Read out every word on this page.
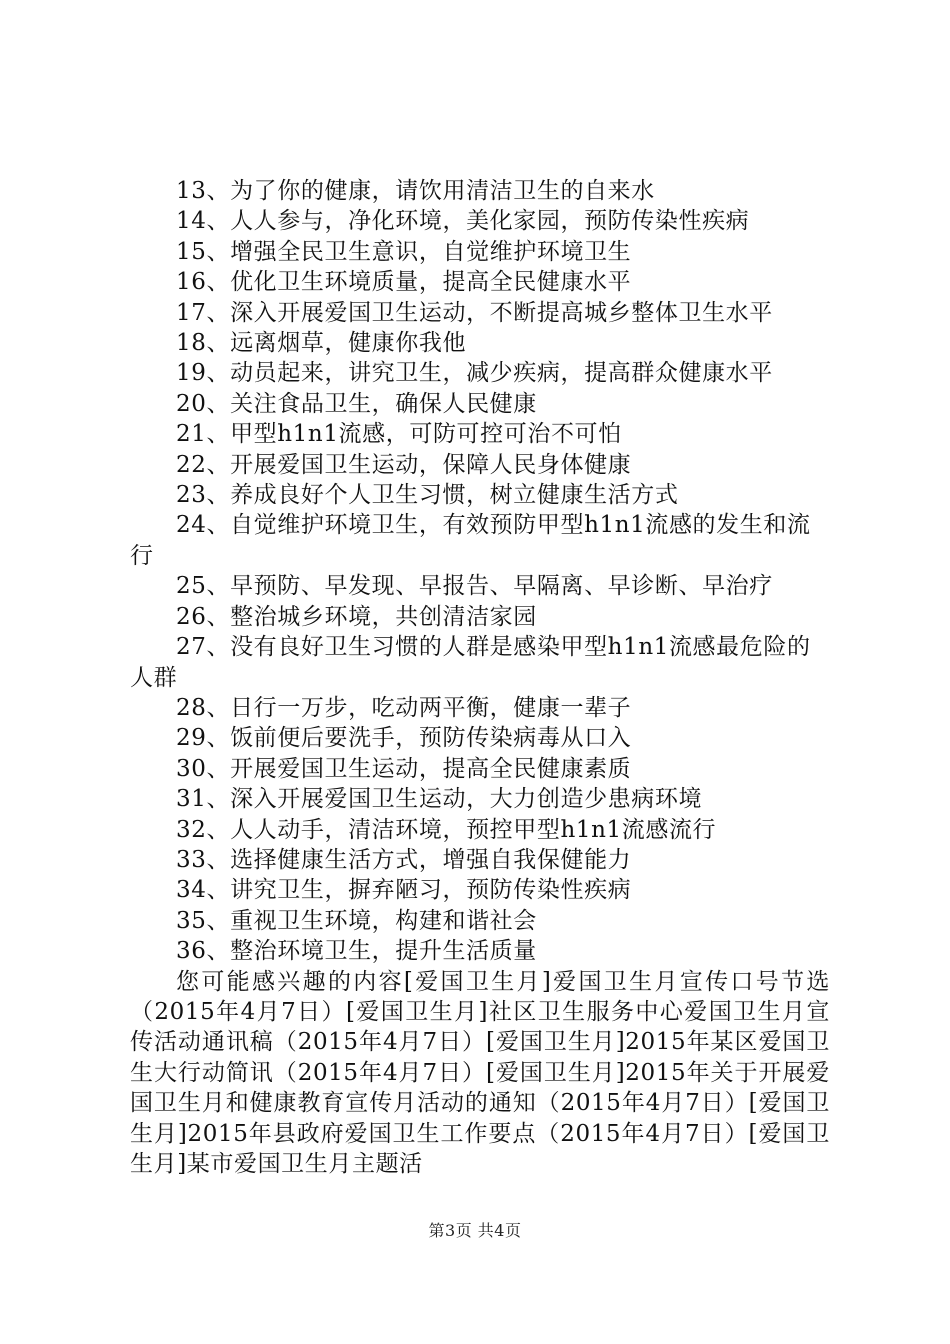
13、为了你的健康，请饮用清洁卫生的自来水

14、人人参与，净化环境，美化家园，预防传染性疾病

15、增强全民卫生意识，自觉维护环境卫生

16、优化卫生环境质量，提高全民健康水平

17、深入开展爱国卫生运动，不断提高城乡整体卫生水平

18、远离烟草，健康你我他

19、动员起来，讲究卫生，减少疾病，提高群众健康水平

20、关注食品卫生，确保人民健康

21、甲型h1n1流感，可防可控可治不可怕

22、开展爱国卫生运动，保障人民身体健康

23、养成良好个人卫生习惯，树立健康生活方式

24、自觉维护环境卫生，有效预防甲型h1n1流感的发生和流行

25、早预防、早发现、早报告、早隔离、早诊断、早治疗

26、整治城乡环境，共创清洁家园

27、没有良好卫生习惯的人群是感染甲型h1n1流感最危险的人群

28、日行一万步，吃动两平衡，健康一辈子

29、饭前便后要洗手，预防传染病毒从口入

30、开展爱国卫生运动，提高全民健康素质

31、深入开展爱国卫生运动，大力创造少患病环境

32、人人动手，清洁环境，预控甲型h1n1流感流行

33、选择健康生活方式，增强自我保健能力

34、讲究卫生，摒弃陋习，预防传染性疾病

35、重视卫生环境，构建和谐社会

36、整治环境卫生，提升生活质量

您可能感兴趣的内容[爱国卫生月]爱国卫生月宣传口号节选（2015年4月7日）[爱国卫生月]社区卫生服务中心爱国卫生月宣传活动通讯稿（2015年4月7日）[爱国卫生月]2015年某区爱国卫生大行动简讯（2015年4月7日）[爱国卫生月]2015年关于开展爱国卫生月和健康教育宣传月活动的通知（2015年4月7日）[爱国卫生月]2015年县政府爱国卫生工作要点（2015年4月7日）[爱国卫生月]某市爱国卫生月主题活

第3页 共4页
